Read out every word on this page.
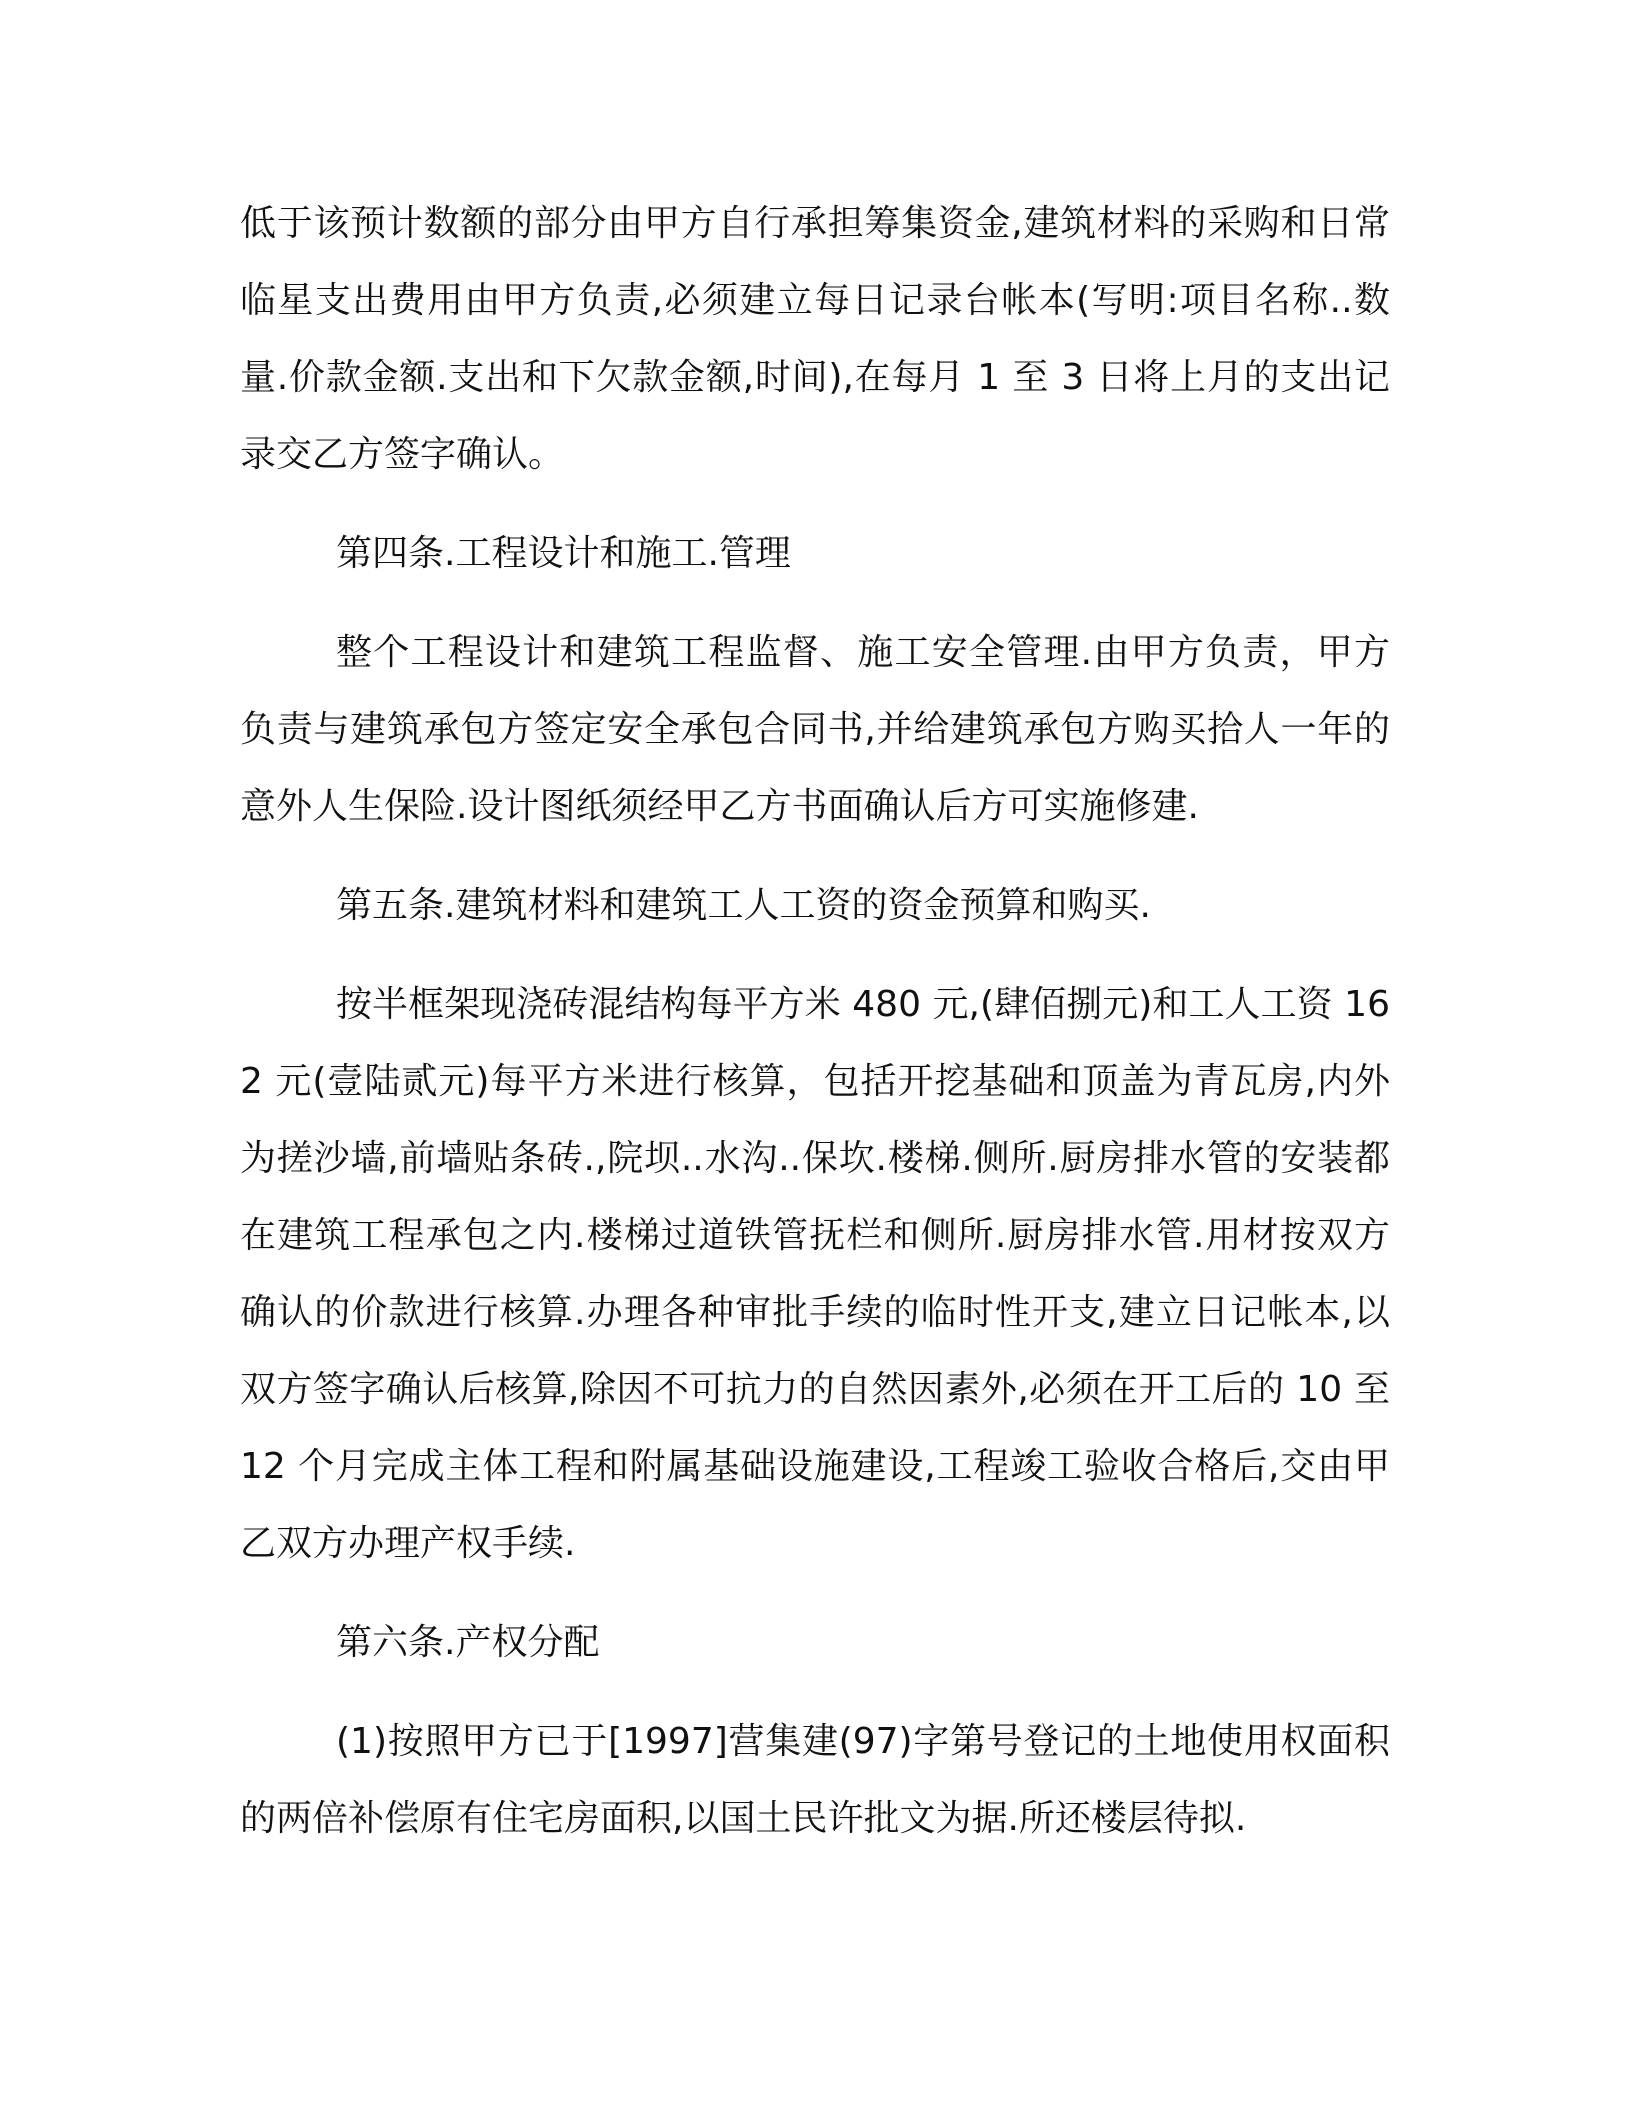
低于该预计数额的部分由甲方自行承担筹集资金,建筑材料的采购和日常临星支出费用由甲方负责,必须建立每日记录台帐本(写明:项目名称..数量.价款金额.支出和下欠款金额,时间),在每月 1 至 3 日将上月的支出记录交乙方签字确认。

第四条.工程设计和施工.管理

整个工程设计和建筑工程监督、施工安全管理.由甲方负责，甲方负责与建筑承包方签定安全承包合同书,并给建筑承包方购买拾人一年的意外人生保险.设计图纸须经甲乙方书面确认后方可实施修建.

第五条.建筑材料和建筑工人工资的资金预算和购买.

按半框架现浇砖混结构每平方米 480 元,(肆佰捌元)和工人工资 162 元(壹陆贰元)每平方米进行核算，包括开挖基础和顶盖为青瓦房,内外为搓沙墙,前墙贴条砖.,院坝..水沟..保坎.楼梯.侧所.厨房排水管的安装都在建筑工程承包之内.楼梯过道铁管抚栏和侧所.厨房排水管.用材按双方确认的价款进行核算.办理各种审批手续的临时性开支,建立日记帐本,以双方签字确认后核算,除因不可抗力的自然因素外,必须在开工后的 10 至 12 个月完成主体工程和附属基础设施建设,工程竣工验收合格后,交由甲乙双方办理产权手续.

第六条.产权分配

(1)按照甲方已于[1997]营集建(97)字第号登记的土地使用权面积的两倍补偿原有住宅房面积,以国土民许批文为据.所还楼层待拟.
